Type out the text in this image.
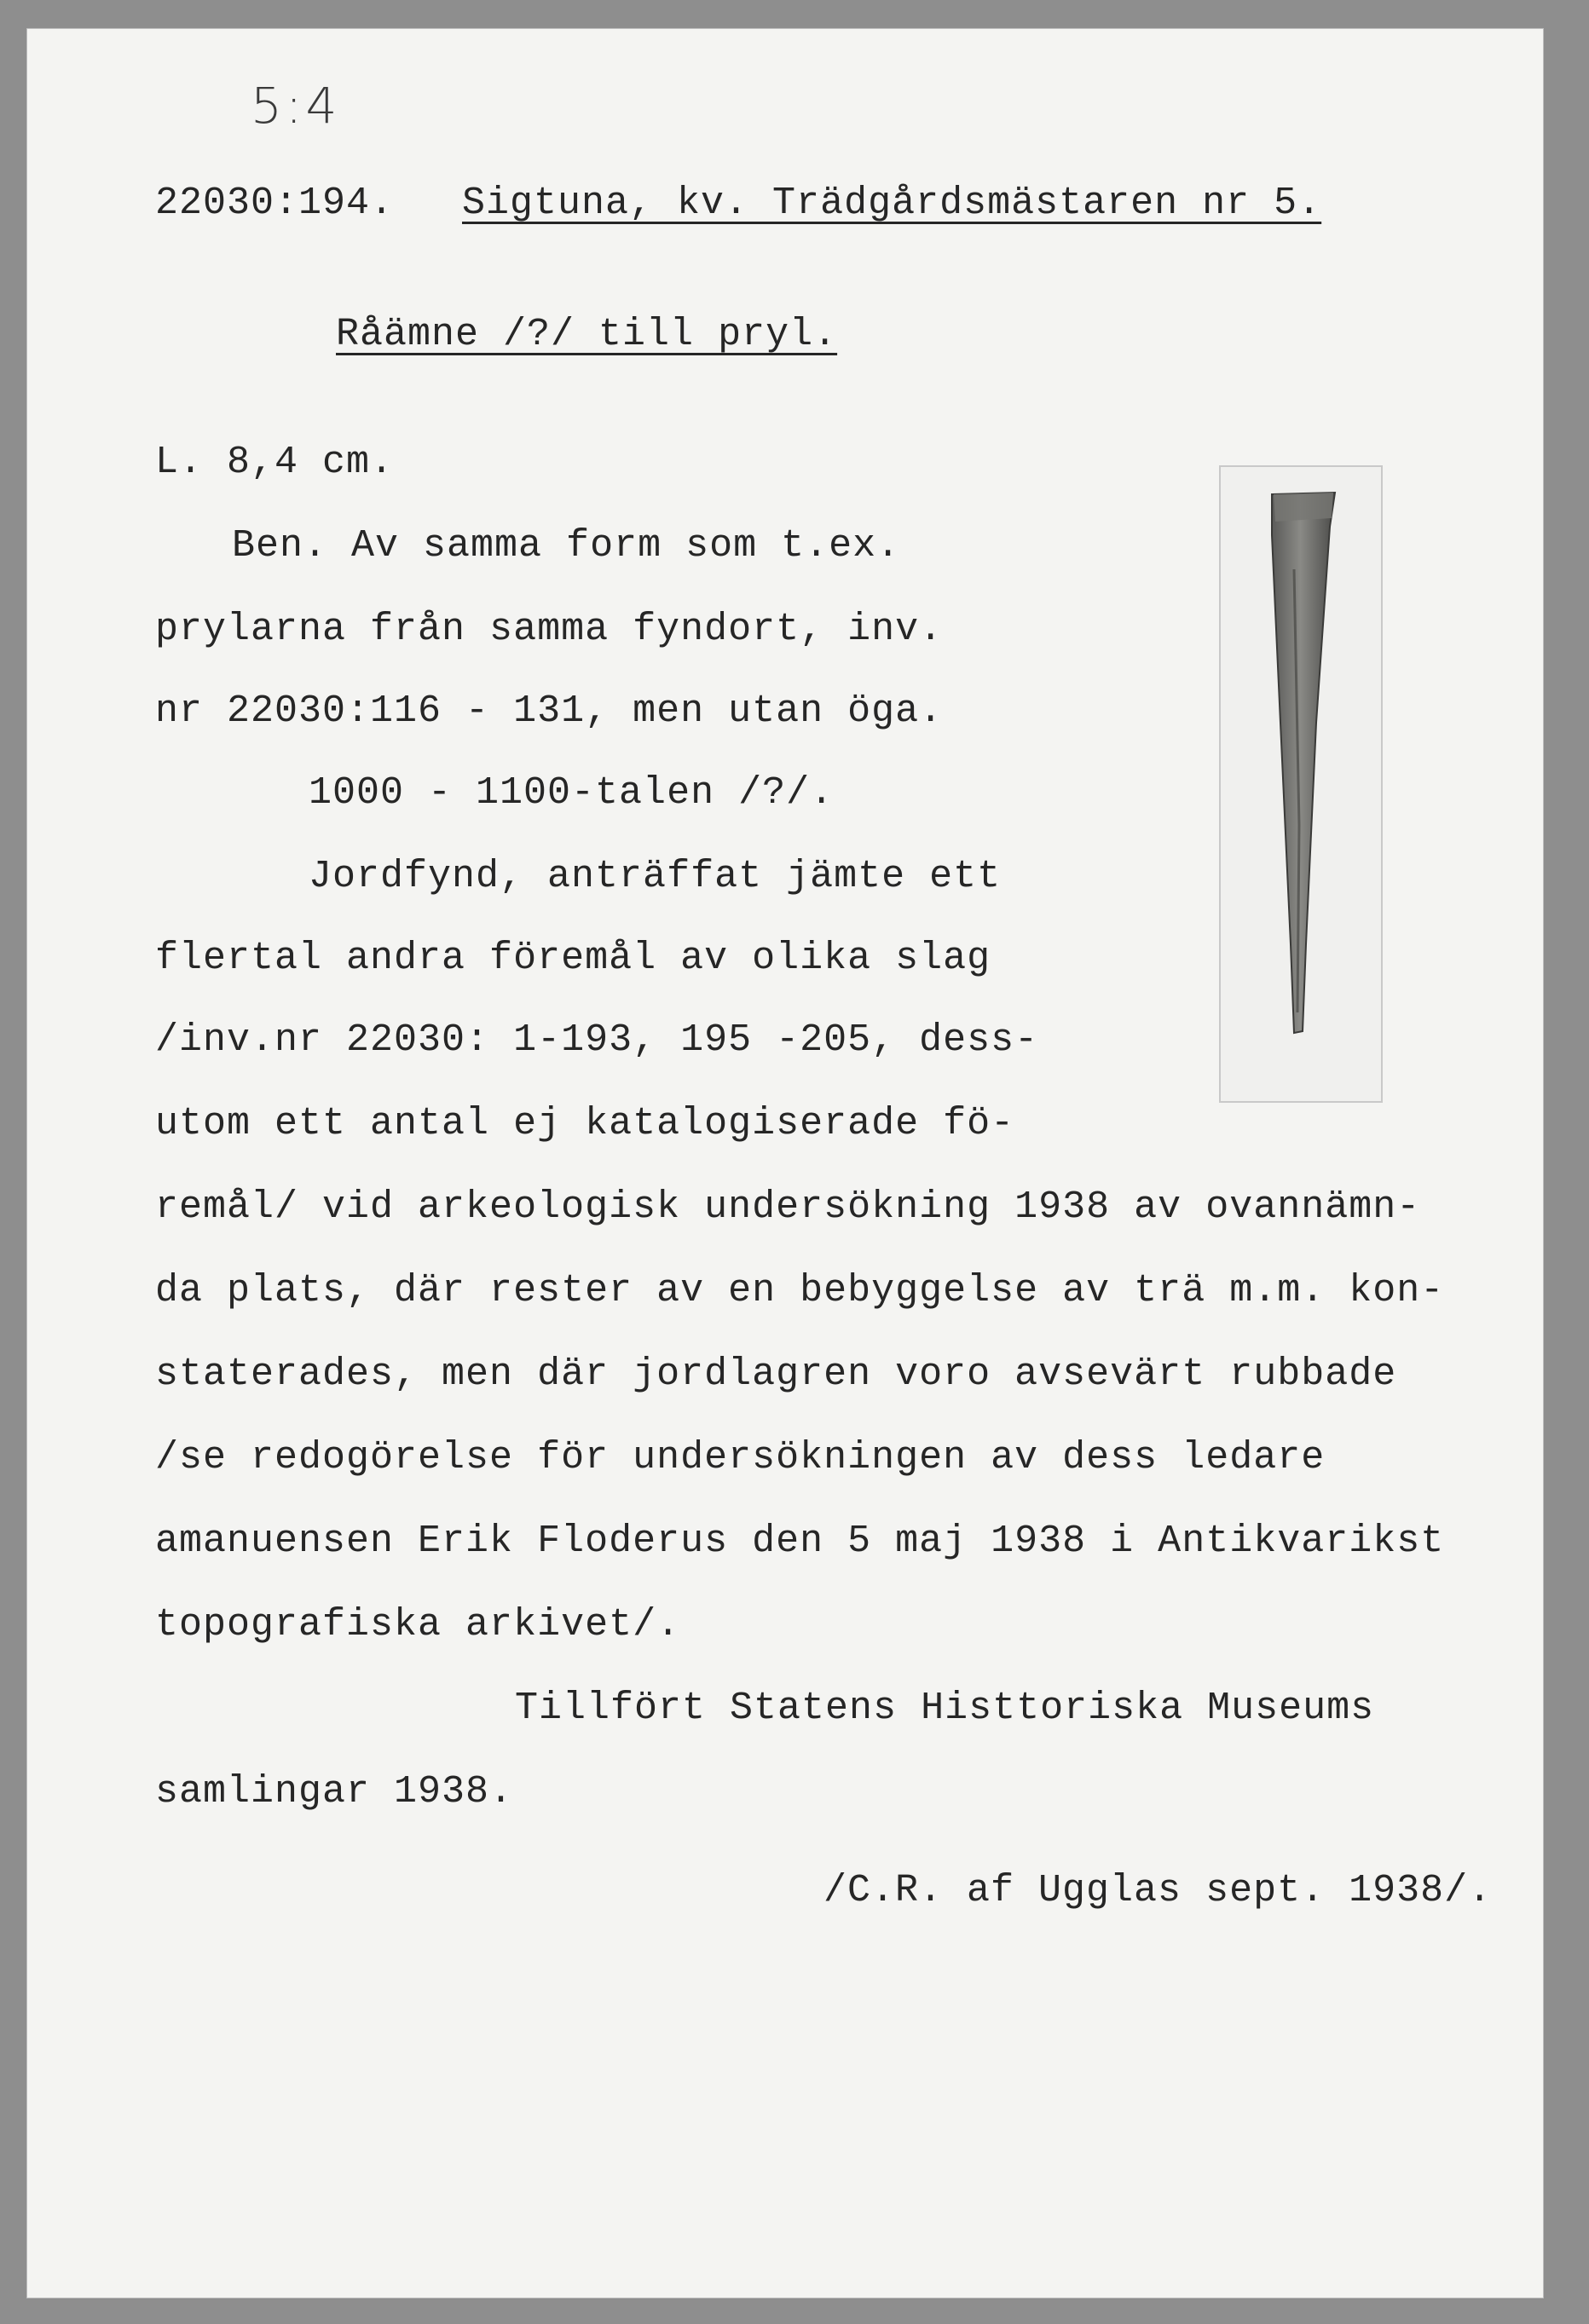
5:4
22030:194. Sigtuna, kv. Trädgårdsmästaren nr 5.
Råämne /?/ till pryl.
L. 8,4 cm.
Ben. Av samma form som t.ex.
prylarna från samma fyndort, inv.
nr 22030:116 - 131, men utan öga.
1000 - 1100-talen /?/.
Jordfynd, anträffat jämte ett
flertal andra föremål av olika slag
/inv.nr 22030: 1-193, 195 -205, dess-
utom ett antal ej katalogiserade fö-
remål/ vid arkeologisk undersökning 1938 av ovannämn-
da plats, där rester av en bebyggelse av trä m.m. kon-
staterades, men där jordlagren voro avsevärt rubbade
/se redogörelse för undersökningen av dess ledare
amanuensen Erik Floderus den 5 maj 1938 i Antikvarikst
topografiska arkivet/.
Tillfört Statens Histtoriska Museums
samlingar 1938.
/C.R. af Ugglas sept. 1938/.
